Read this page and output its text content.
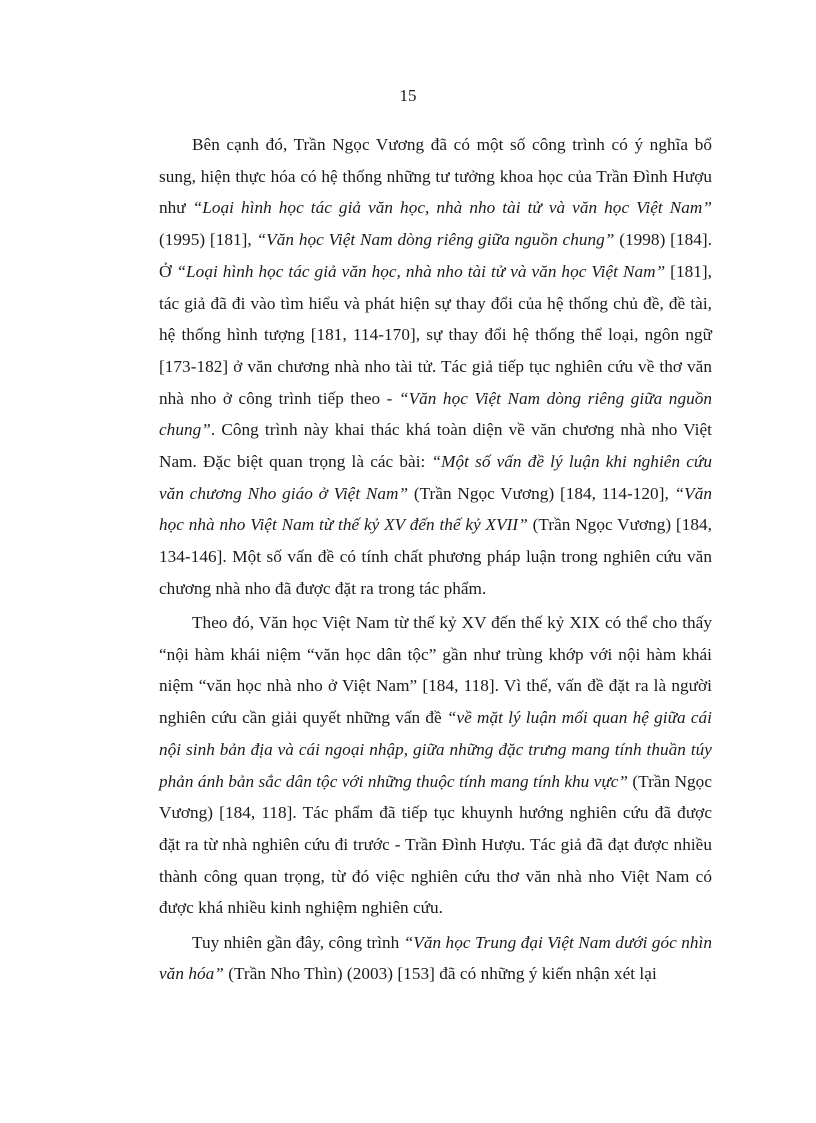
15

Bên cạnh đó, Trần Ngọc Vương đã có một số công trình có ý nghĩa bổ sung, hiện thực hóa có hệ thống những tư tưởng khoa học của Trần Đình Hượu như “Loại hình học tác giả văn học, nhà nho tài tử và văn học Việt Nam” (1995) [181], “Văn học Việt Nam dòng riêng giữa nguồn chung” (1998) [184]. Ở “Loại hình học tác giả văn học, nhà nho tài tử và văn học Việt Nam” [181], tác giả đã đi vào tìm hiểu và phát hiện sự thay đổi của hệ thống chủ đề, đề tài, hệ thống hình tượng [181, 114-170], sự thay đổi hệ thống thể loại, ngôn ngữ [173-182] ở văn chương nhà nho tài tử. Tác giả tiếp tục nghiên cứu về thơ văn nhà nho ở công trình tiếp theo - “Văn học Việt Nam dòng riêng giữa nguồn chung”. Công trình này khai thác khá toàn diện về văn chương nhà nho Việt Nam. Đặc biệt quan trọng là các bài: “Một số vấn đề lý luận khi nghiên cứu văn chương Nho giáo ở Việt Nam” (Trần Ngọc Vương) [184, 114-120], “Văn học nhà nho Việt Nam từ thế kỷ XV đến thế kỷ XVII” (Trần Ngọc Vương) [184, 134-146]. Một số vấn đề có tính chất phương pháp luận trong nghiên cứu văn chương nhà nho đã được đặt ra trong tác phẩm.

Theo đó, Văn học Việt Nam từ thế kỷ XV đến thế kỷ XIX có thể cho thấy “nội hàm khái niệm “văn học dân tộc” gần như trùng khớp với nội hàm khái niệm “văn học nhà nho ở Việt Nam” [184, 118]. Vì thế, vấn đề đặt ra là người nghiên cứu cần giải quyết những vấn đề “về mặt lý luận mối quan hệ giữa cái nội sinh bản địa và cái ngoại nhập, giữa những đặc trưng mang tính thuần túy phản ánh bản sắc dân tộc với những thuộc tính mang tính khu vực” (Trần Ngọc Vương) [184, 118]. Tác phẩm đã tiếp tục khuynh hướng nghiên cứu đã được đặt ra từ nhà nghiên cứu đi trước - Trần Đình Hượu. Tác giả đã đạt được nhiều thành công quan trọng, từ đó việc nghiên cứu thơ văn nhà nho Việt Nam có được khá nhiều kinh nghiệm nghiên cứu.

Tuy nhiên gần đây, công trình “Văn học Trung đại Việt Nam dưới góc nhìn văn hóa” (Trần Nho Thìn) (2003) [153] đã có những ý kiến nhận xét lại
